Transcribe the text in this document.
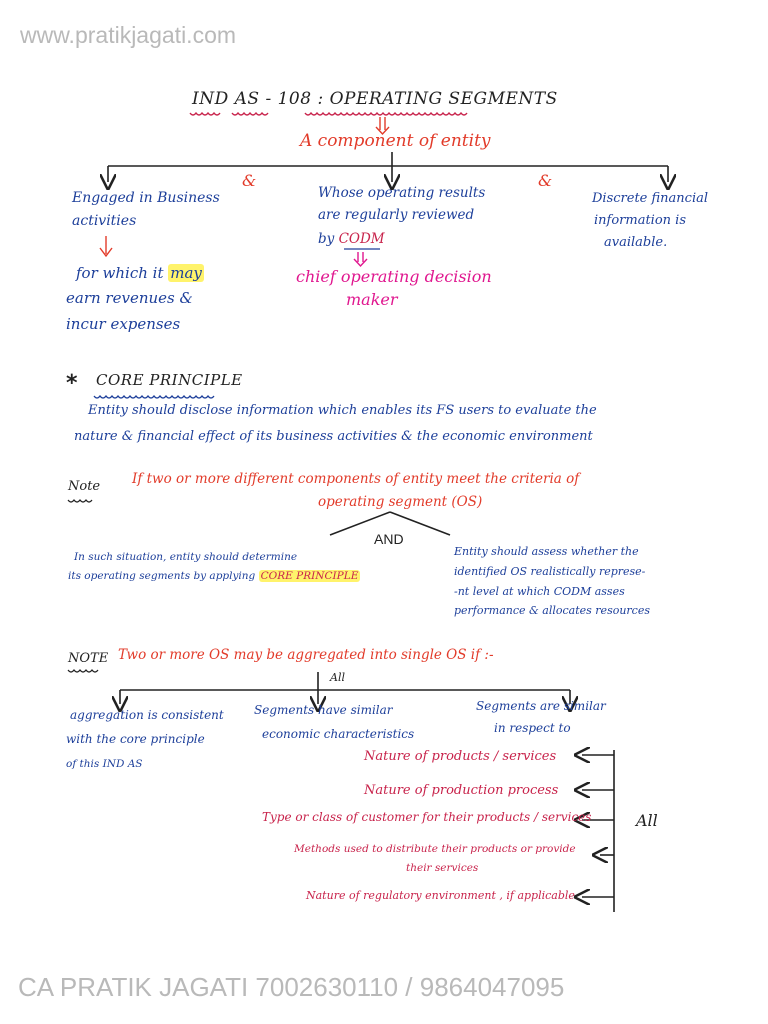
www.pratikjagati.com
CA PRATIK JAGATI 7002630110 / 9864047095
IND AS - 108 : OPERATING SEGMENTS
A component of entity
&	&
Engaged in Business
activities
for which it may
earn revenues &
incur expenses
Whose operating results
are regularly reviewed
by CODM
chief operating decision
maker
Discrete financial
information is
available.
* CORE PRINCIPLE
Entity should disclose information which enables its FS users to evaluate the
nature & financial effect of its business activities & the economic environment
Note If two or more different components of entity meet the criteria of
operating segment (OS)
AND
In such situation, entity should determine
its operating segments by applying CORE PRINCIPLE
Entity should assess whether the
identified OS realistically represe-
-nt level at which CODM asses
performance & allocates resources
NOTE Two or more OS may be aggregated into single OS if :-
All
aggregation is consistent
with the core principle
of this IND AS
Segments have similar
economic characteristics
Segments are similar
in respect to
Nature of products / services
Nature of production process
Type or class of customer for their products / services
Methods used to distribute their products or provide
their services
Nature of regulatory environment , if applicable
All
